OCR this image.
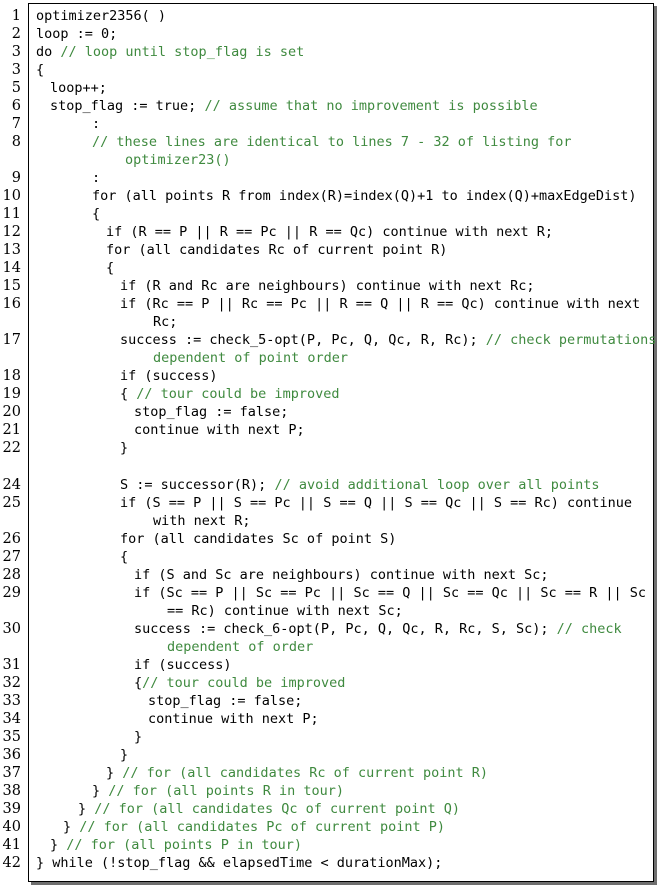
1 optimizer2356( )
2 loop := 0;
3 do // loop until stop_flag is set
3 {
5 loop++;
6 stop_flag := true; // assume that no improvement is possible
7	:
8	// these lines are identical to lines 7 - 32 of listing for
optimizer23()
9	:
10	for (all points R from index(R)=index(Q)+1 to index(Q)+maxEdgeDist)
11	{
12	if (R == P || R == Pc || R == Qc) continue with next R;
13	for (all candidates Rc of current point R)
14	{
15	if (R and Rc are neighbours) continue with next Rc;
16	if (Rc == P || Rc == Pc || R == Q || R == Qc) continue with next
Rc;
17	success := check_5-opt(P, Pc, Q, Qc, R, Rc); // check permutations
dependent of point order
18	if (success)
19	{ // tour could be improved
20	stop_flag := false;
21	continue with next P;
22	}
24	S := successor(R); // avoid additional loop over all points
25	if (S == P || S == Pc || S == Q || S == Qc || S == Rc) continue
with next R;
26	for (all candidates Sc of point S)
27	{
28	if (S and Sc are neighbours) continue with next Sc;
29	if (Sc == P || Sc == Pc || Sc == Q || Sc == Qc || Sc == R || Sc
== Rc) continue with next Sc;
30	success := check_6-opt(P, Pc, Q, Qc, R, Rc, S, Sc); // check
dependent of order
31	if (success)
32	{// tour could be improved
33	stop_flag := false;
34	continue with next P;
35	}
36	}
37	} // for (all candidates Rc of current point R)
38	} // for (all points R in tour)
39	} // for (all candidates Qc of current point Q)
40	} // for (all candidates Pc of current point P)
41 } // for (all points P in tour)
42 } while (!stop_flag && elapsedTime < durationMax);
